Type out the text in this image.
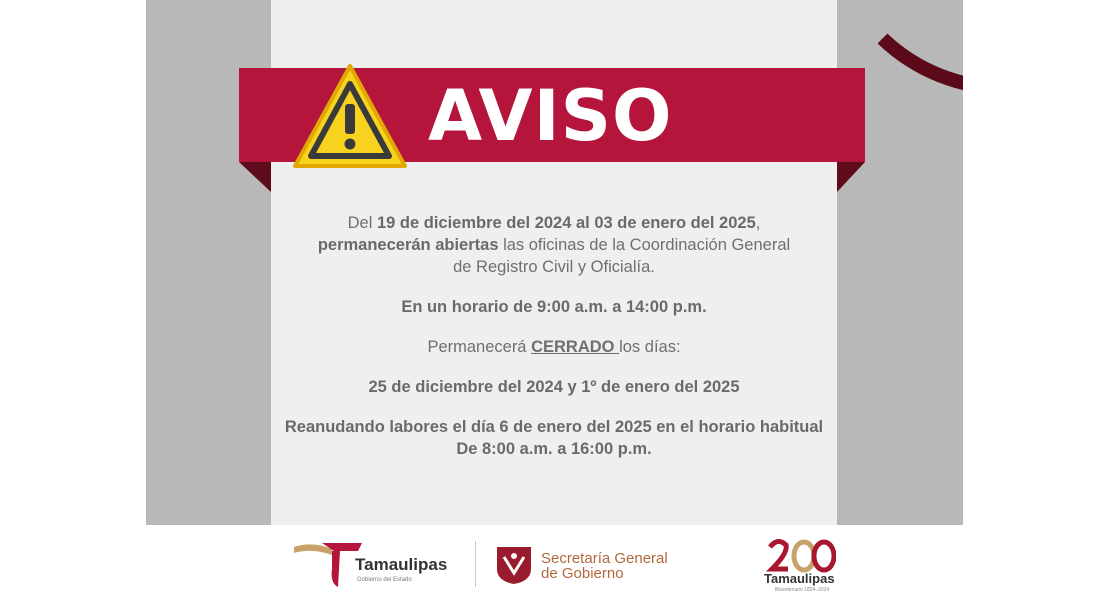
AVISO

Del 19 de diciembre del 2024 al 03 de enero del 2025,
permanecerán abiertas las oficinas de la Coordinación General
de Registro Civil y Oficialía.

En un horario de 9:00 a.m. a 14:00 p.m.

Permanecerá CERRADO los días:

25 de diciembre del 2024 y 1º de enero del 2025

Reanudando labores el día 6 de enero del 2025 en el horario habitual
De 8:00 a.m. a 16:00 p.m.

Tamaulipas
Gobierno del Estado
Secretaría General
de Gobierno	Tamaulipas
Bicentenario 1824–2024
